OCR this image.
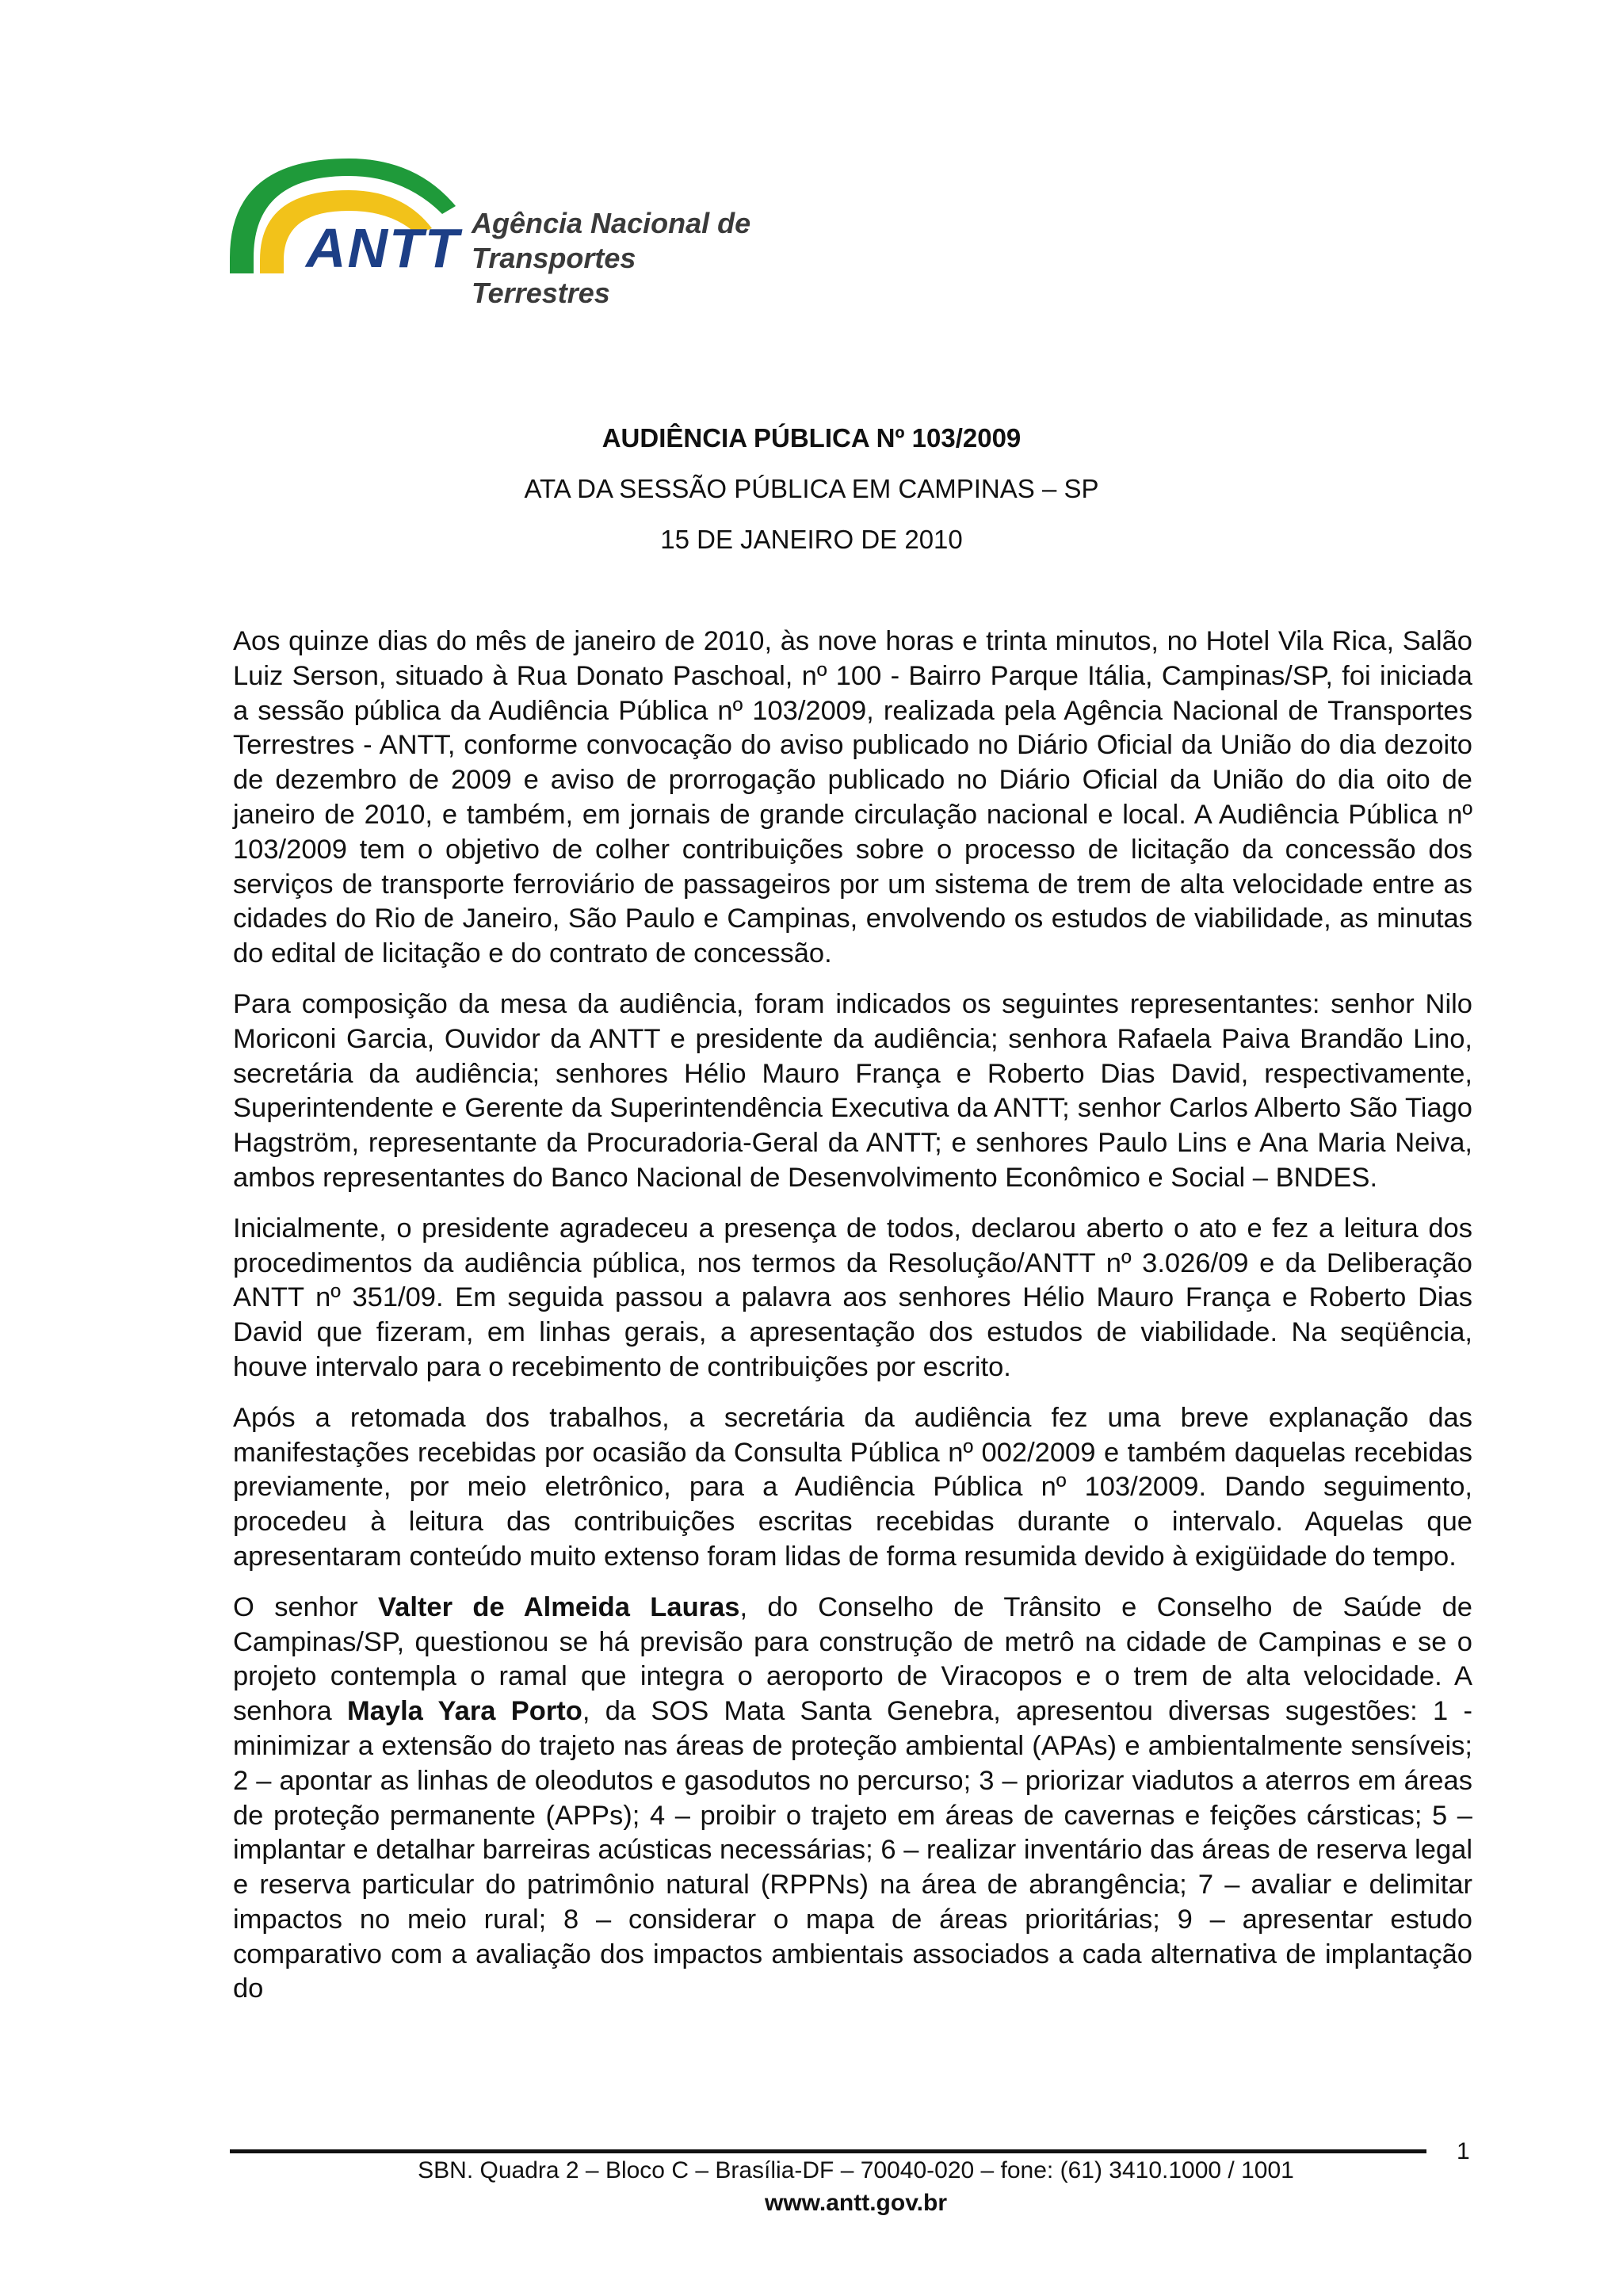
ANTT Agência Nacional de
Transportes Terrestres
AUDIÊNCIA PÚBLICA Nº 103/2009
ATA DA SESSÃO PÚBLICA EM CAMPINAS – SP
15 DE JANEIRO DE 2010

Aos quinze dias do mês de janeiro de 2010, às nove horas e trinta minutos, no Hotel Vila Rica, Salão Luiz Serson, situado à Rua Donato Paschoal, nº 100 - Bairro Parque Itália, Campinas/SP, foi iniciada a sessão pública da Audiência Pública nº 103/2009, realizada pela Agência Nacional de Transportes Terrestres - ANTT, conforme convocação do aviso publicado no Diário Oficial da União do dia dezoito de dezembro de 2009 e aviso de prorrogação publicado no Diário Oficial da União do dia oito de janeiro de 2010, e também, em jornais de grande circulação nacional e local. A Audiência Pública nº 103/2009 tem o objetivo de colher contribuições sobre o processo de licitação da concessão dos serviços de transporte ferroviário de passageiros por um sistema de trem de alta velocidade entre as cidades do Rio de Janeiro, São Paulo e Campinas, envolvendo os estudos de viabilidade, as minutas do edital de licitação e do contrato de concessão.

Para composição da mesa da audiência, foram indicados os seguintes representantes: senhor Nilo Moriconi Garcia, Ouvidor da ANTT e presidente da audiência; senhora Rafaela Paiva Brandão Lino, secretária da audiência; senhores Hélio Mauro França e Roberto Dias David, respectivamente, Superintendente e Gerente da Superintendência Executiva da ANTT; senhor Carlos Alberto São Tiago Hagström, representante da Procuradoria-Geral da ANTT; e senhores Paulo Lins e Ana Maria Neiva, ambos representantes do Banco Nacional de Desenvolvimento Econômico e Social – BNDES.

Inicialmente, o presidente agradeceu a presença de todos, declarou aberto o ato e fez a leitura dos procedimentos da audiência pública, nos termos da Resolução/ANTT nº 3.026/09 e da Deliberação ANTT nº 351/09. Em seguida passou a palavra aos senhores Hélio Mauro França e Roberto Dias David que fizeram, em linhas gerais, a apresentação dos estudos de viabilidade. Na seqüência, houve intervalo para o recebimento de contribuições por escrito.

Após a retomada dos trabalhos, a secretária da audiência fez uma breve explanação das manifestações recebidas por ocasião da Consulta Pública nº 002/2009 e também daquelas recebidas previamente, por meio eletrônico, para a Audiência Pública nº 103/2009. Dando seguimento, procedeu à leitura das contribuições escritas recebidas durante o intervalo. Aquelas que apresentaram conteúdo muito extenso foram lidas de forma resumida devido à exigüidade do tempo.

O senhor Valter de Almeida Lauras, do Conselho de Trânsito e Conselho de Saúde de Campinas/SP, questionou se há previsão para construção de metrô na cidade de Campinas e se o projeto contempla o ramal que integra o aeroporto de Viracopos e o trem de alta velocidade. A senhora Mayla Yara Porto, da SOS Mata Santa Genebra, apresentou diversas sugestões: 1 - minimizar a extensão do trajeto nas áreas de proteção ambiental (APAs) e ambientalmente sensíveis; 2 – apontar as linhas de oleodutos e gasodutos no percurso; 3 – priorizar viadutos a aterros em áreas de proteção permanente (APPs); 4 – proibir o trajeto em áreas de cavernas e feições cársticas; 5 – implantar e detalhar barreiras acústicas necessárias; 6 – realizar inventário das áreas de reserva legal e reserva particular do patrimônio natural (RPPNs) na área de abrangência; 7 – avaliar e delimitar impactos no meio rural; 8 – considerar o mapa de áreas prioritárias; 9 – apresentar estudo comparativo com a avaliação dos impactos ambientais associados a cada alternativa de implantação do

1
SBN. Quadra 2 – Bloco C – Brasília-DF – 70040-020 – fone: (61) 3410.1000 / 1001
www.antt.gov.br
